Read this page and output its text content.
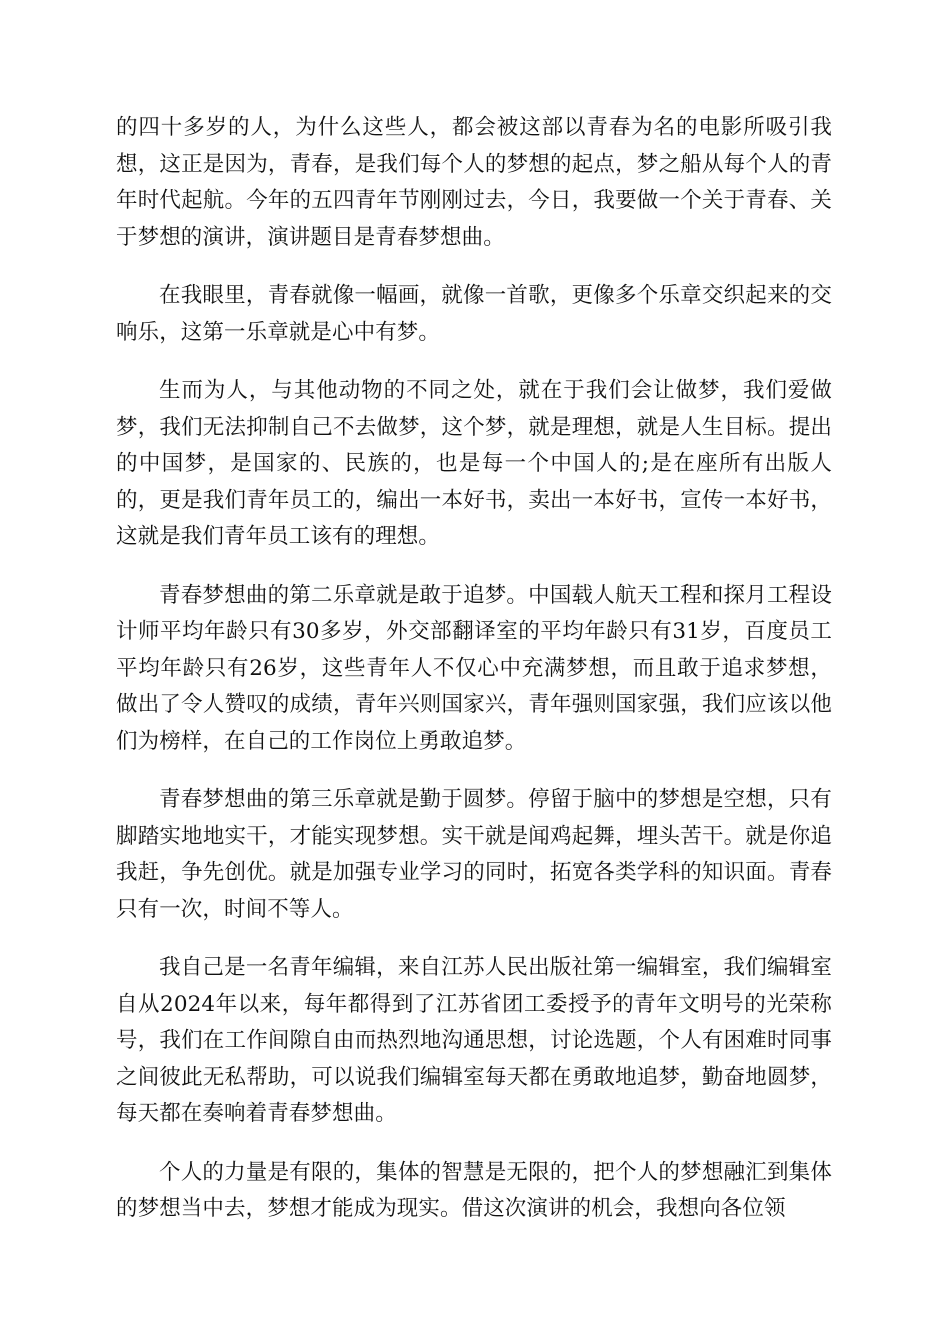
的四十多岁的人，为什么这些人，都会被这部以青春为名的电影所吸引我想，这正是因为，青春，是我们每个人的梦想的起点，梦之船从每个人的青年时代起航。今年的五四青年节刚刚过去，今日，我要做一个关于青春、关于梦想的演讲，演讲题目是青春梦想曲。

在我眼里，青春就像一幅画，就像一首歌，更像多个乐章交织起来的交响乐，这第一乐章就是心中有梦。

生而为人，与其他动物的不同之处，就在于我们会让做梦，我们爱做梦，我们无法抑制自己不去做梦，这个梦，就是理想，就是人生目标。提出的中国梦，是国家的、民族的，也是每一个中国人的;是在座所有出版人的，更是我们青年员工的，编出一本好书，卖出一本好书，宣传一本好书，这就是我们青年员工该有的理想。

青春梦想曲的第二乐章就是敢于追梦。中国载人航天工程和探月工程设计师平均年龄只有30多岁，外交部翻译室的平均年龄只有31岁，百度员工平均年龄只有26岁，这些青年人不仅心中充满梦想，而且敢于追求梦想，做出了令人赞叹的成绩，青年兴则国家兴，青年强则国家强，我们应该以他们为榜样，在自己的工作岗位上勇敢追梦。

青春梦想曲的第三乐章就是勤于圆梦。停留于脑中的梦想是空想，只有脚踏实地地实干，才能实现梦想。实干就是闻鸡起舞，埋头苦干。就是你追我赶，争先创优。就是加强专业学习的同时，拓宽各类学科的知识面。青春只有一次，时间不等人。

我自己是一名青年编辑，来自江苏人民出版社第一编辑室，我们编辑室自从2024年以来，每年都得到了江苏省团工委授予的青年文明号的光荣称号，我们在工作间隙自由而热烈地沟通思想，讨论选题，个人有困难时同事之间彼此无私帮助，可以说我们编辑室每天都在勇敢地追梦，勤奋地圆梦，每天都在奏响着青春梦想曲。

个人的力量是有限的，集体的智慧是无限的，把个人的梦想融汇到集体的梦想当中去，梦想才能成为现实。借这次演讲的机会，我想向各位领
